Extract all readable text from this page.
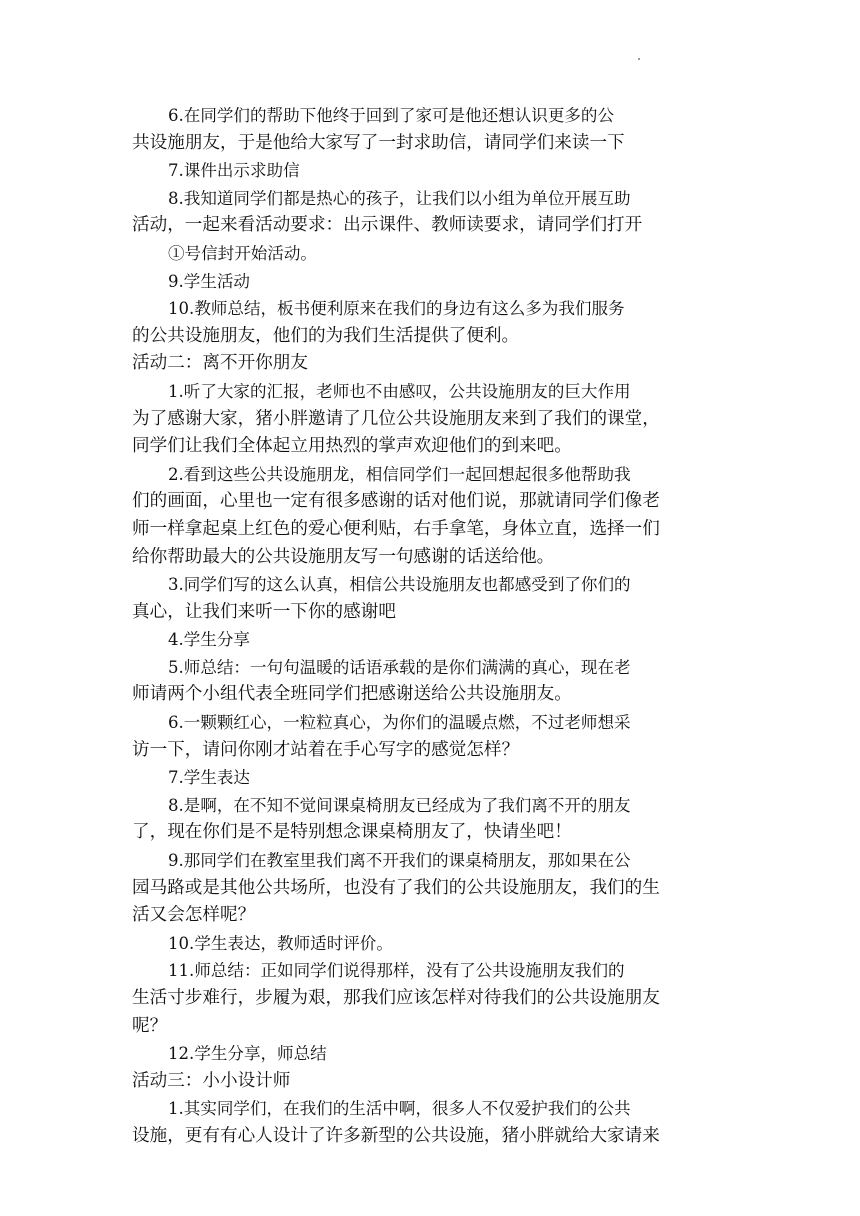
6.在同学们的帮助下他终于回到了家可是他还想认识更多的公
共设施朋友，于是他给大家写了一封求助信，请同学们来读一下
7.课件出示求助信
8.我知道同学们都是热心的孩子，让我们以小组为单位开展互助
活动，一起来看活动要求：出示课件、教师读要求，请同学们打开
①号信封开始活动。
9.学生活动
10.教师总结，板书便利原来在我们的身边有这么多为我们服务
的公共设施朋友，他们的为我们生活提供了便利。
活动二：离不开你朋友
1.听了大家的汇报，老师也不由感叹，公共设施朋友的巨大作用
为了感谢大家，猪小胖邀请了几位公共设施朋友来到了我们的课堂，
同学们让我们全体起立用热烈的掌声欢迎他们的到来吧。
2.看到这些公共设施朋龙，相信同学们一起回想起很多他帮助我
们的画面，心里也一定有很多感谢的话对他们说，那就请同学们像老
师一样拿起桌上红色的爱心便利贴，右手拿笔，身体立直，选择一们
给你帮助最大的公共设施朋友写一句感谢的话送给他。
3.同学们写的这么认真，相信公共设施朋友也都感受到了你们的
真心，让我们来听一下你的感谢吧
4.学生分享
5.师总结：一句句温暖的话语承载的是你们满满的真心，现在老
师请两个小组代表全班同学们把感谢送给公共设施朋友。
6.一颗颗红心，一粒粒真心，为你们的温暖点燃，不过老师想采
访一下，请问你刚才站着在手心写字的感觉怎样？
7.学生表达
8.是啊，在不知不觉间课桌椅朋友已经成为了我们离不开的朋友
了，现在你们是不是特别想念课桌椅朋友了，快请坐吧！
9.那同学们在教室里我们离不开我们的课桌椅朋友，那如果在公
园马路或是其他公共场所，也没有了我们的公共设施朋友，我们的生
活又会怎样呢？
10.学生表达，教师适时评价。
11.师总结：正如同学们说得那样，没有了公共设施朋友我们的
生活寸步难行，步履为艰，那我们应该怎样对待我们的公共设施朋友
呢？
12.学生分享，师总结
活动三：小小设计师
1.其实同学们，在我们的生活中啊，很多人不仅爱护我们的公共
设施，更有有心人设计了许多新型的公共设施，猪小胖就给大家请来
